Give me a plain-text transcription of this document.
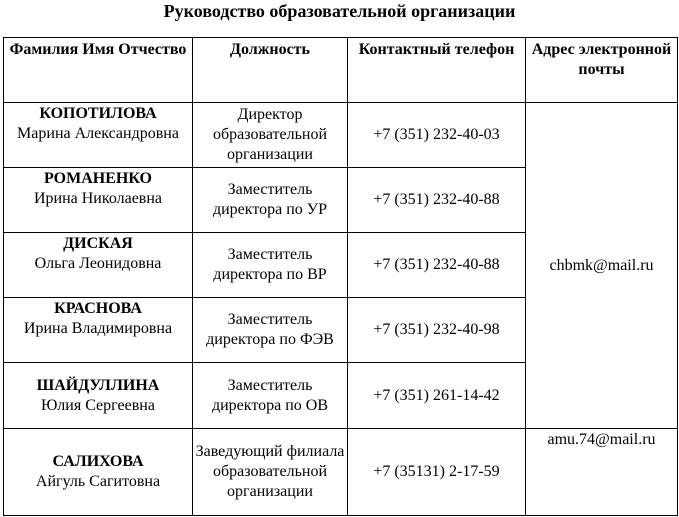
Руководство образовательной организации
Фамилия Имя Отчество	Должность	Контактный телефон	Адрес электронной почты

КОПОТИЛОВА
Марина Александровна	Директор образовательной организации	+7 (351) 232-40-03	chbmk@mail.ru

РОМАНЕНКО
Ирина Николаевна	Заместитель директора по УР	+7 (351) 232-40-88	

ДИСКАЯ
Ольга Леонидовна	Заместитель директора по ВР	+7 (351) 232-40-88	

КРАСНОВА
Ирина Владимировна	Заместитель директора по ФЭВ	+7 (351) 232-40-98	

ШАЙДУЛЛИНА
Юлия Сергеевна	Заместитель директора по ОВ	+7 (351) 261-14-42	

САЛИХОВА
Айгуль Сагитовна	Заведующий филиала образовательной организации	+7 (35131) 2-17-59	amu.74@mail.ru
